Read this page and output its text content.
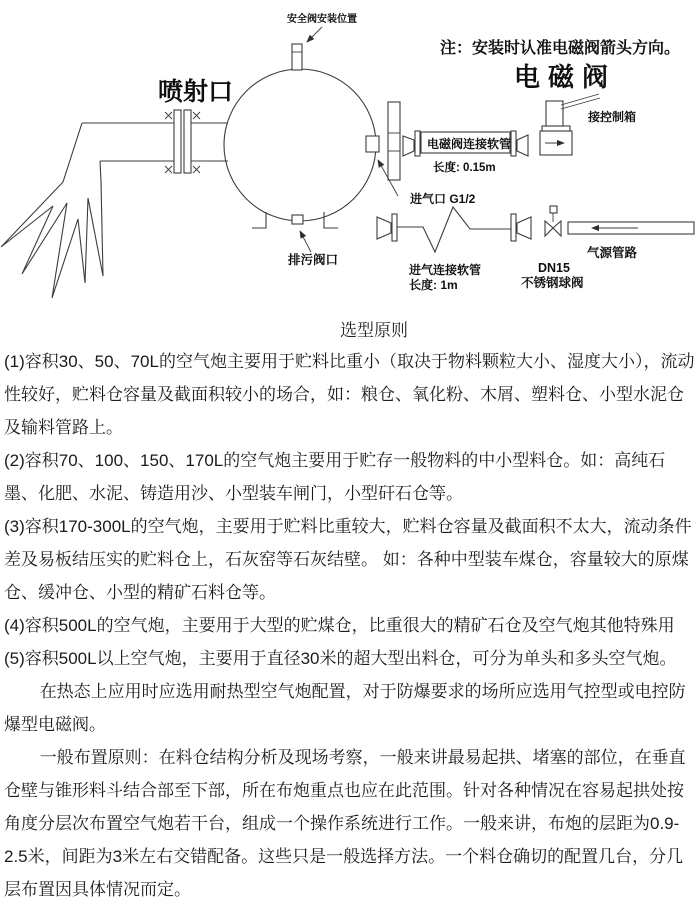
安全阀安装位置
注：安装时认准电磁阀箭头方向。
喷射口
进气口 G1/2
电磁阀连接软管
长度: 0.15m
电磁阀
接控制箱
排污阀口
进气连接软管
长度: 1m
DN15
不锈钢球阀
气源管路
选型原则

(1)容积30、50、70L的空气炮主要用于贮料比重小（取决于物料颗粒大小、湿度大小），流动性较好，贮料仓容量及截面积较小的场合，如：粮仓、氧化粉、木屑、塑料仓、小型水泥仓及输料管路上。

(2)容积70、100、150、170L的空气炮主要用于贮存一般物料的中小型料仓。如：高纯石墨、化肥、水泥、铸造用沙、小型装车闸门，小型矸石仓等。

(3)容积170-300L的空气炮，主要用于贮料比重较大，贮料仓容量及截面积不太大，流动条件差及易板结压实的贮料仓上，石灰窑等石灰结壁。 如：各种中型装车煤仓，容量较大的原煤仓、缓冲仓、小型的精矿石料仓等。

(4)容积500L的空气炮，主要用于大型的贮煤仓，比重很大的精矿石仓及空气炮其他特殊用

(5)容积500L以上空气炮，主要用于直径30米的超大型出料仓，可分为单头和多头空气炮。

在热态上应用时应选用耐热型空气炮配置，对于防爆要求的场所应选用气控型或电控防爆型电磁阀。

一般布置原则：在料仓结构分析及现场考察，一般来讲最易起拱、堵塞的部位，在垂直仓壁与锥形料斗结合部至下部，所在布炮重点也应在此范围。针对各种情况在容易起拱处按角度分层次布置空气炮若干台，组成一个操作系统进行工作。一般来讲，布炮的层距为0.9-2.5米，间距为3米左右交错配备。这些只是一般选择方法。一个料仓确切的配置几台，分几层布置因具体情况而定。
